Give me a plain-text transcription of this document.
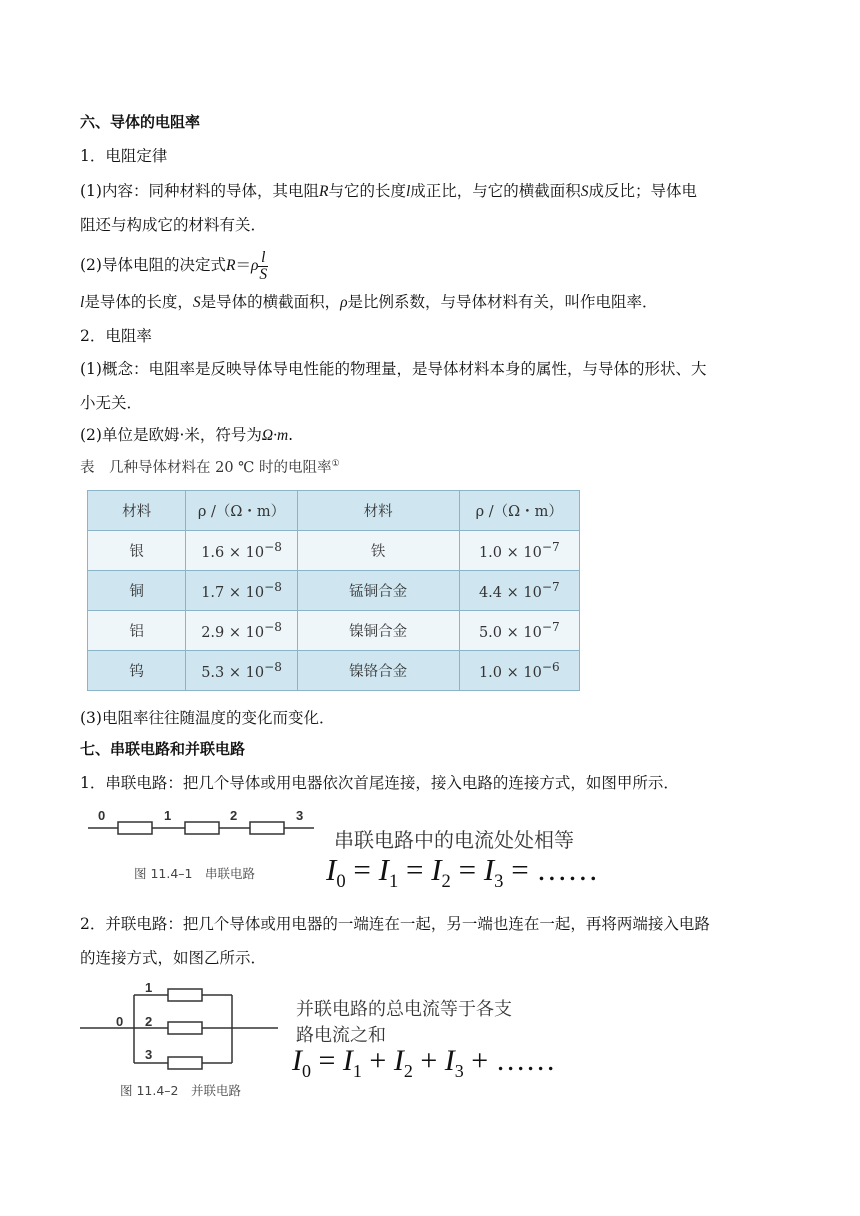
六、导体的电阻率
1．电阻定律
(1)内容：同种材料的导体，其电阻R与它的长度l成正比，与它的横截面积S成反比；导体电
阻还与构成它的材料有关．
(2)导体电阻的决定式$R=\rho \frac{l}{S}$
l是导体的长度，S是导体的横截面积，ρ是比例系数，与导体材料有关，叫作电阻率．
2．电阻率
(1)概念：电阻率是反映导体导电性能的物理量，是导体材料本身的属性，与导体的形状、大
小无关．
(2)单位是欧姆·米，符号为Ω·m.
表　几种导体材料在 20 ℃ 时的电阻率①
材料	ρ /（Ω・m）	材料	ρ /（Ω・m）
银	$1.6 \times 10^{-8}$	铁	$1.0 \times 10^{-7}$
铜	$1.7 \times 10^{-8}$	锰铜合金	$4.4 \times 10^{-7}$
铝	$2.9 \times 10^{-8}$	镍铜合金	$5.0 \times 10^{-7}$
钨	$5.3 \times 10^{-8}$	镍铬合金	$1.0 \times 10^{-6}$
(3)电阻率往往随温度的变化而变化．
七、串联电路和并联电路
1．串联电路：把几个导体或用电器依次首尾连接，接入电路的连接方式，如图甲所示．
0	1	2	3
图 11.4–1　串联电路
串联电路中的电流处处相等
$I_0 = I_1 = I_2 = I_3$ = ……
2．并联电路：把几个导体或用电器的一端连在一起，另一端也连在一起，再将两端接入电路
的连接方式，如图乙所示．
0
1
2
3
图 11.4–2　并联电路
并联电路的总电流等于各支
路电流之和
$I_0 = I_1 + I_2 + I_3$ + ……
